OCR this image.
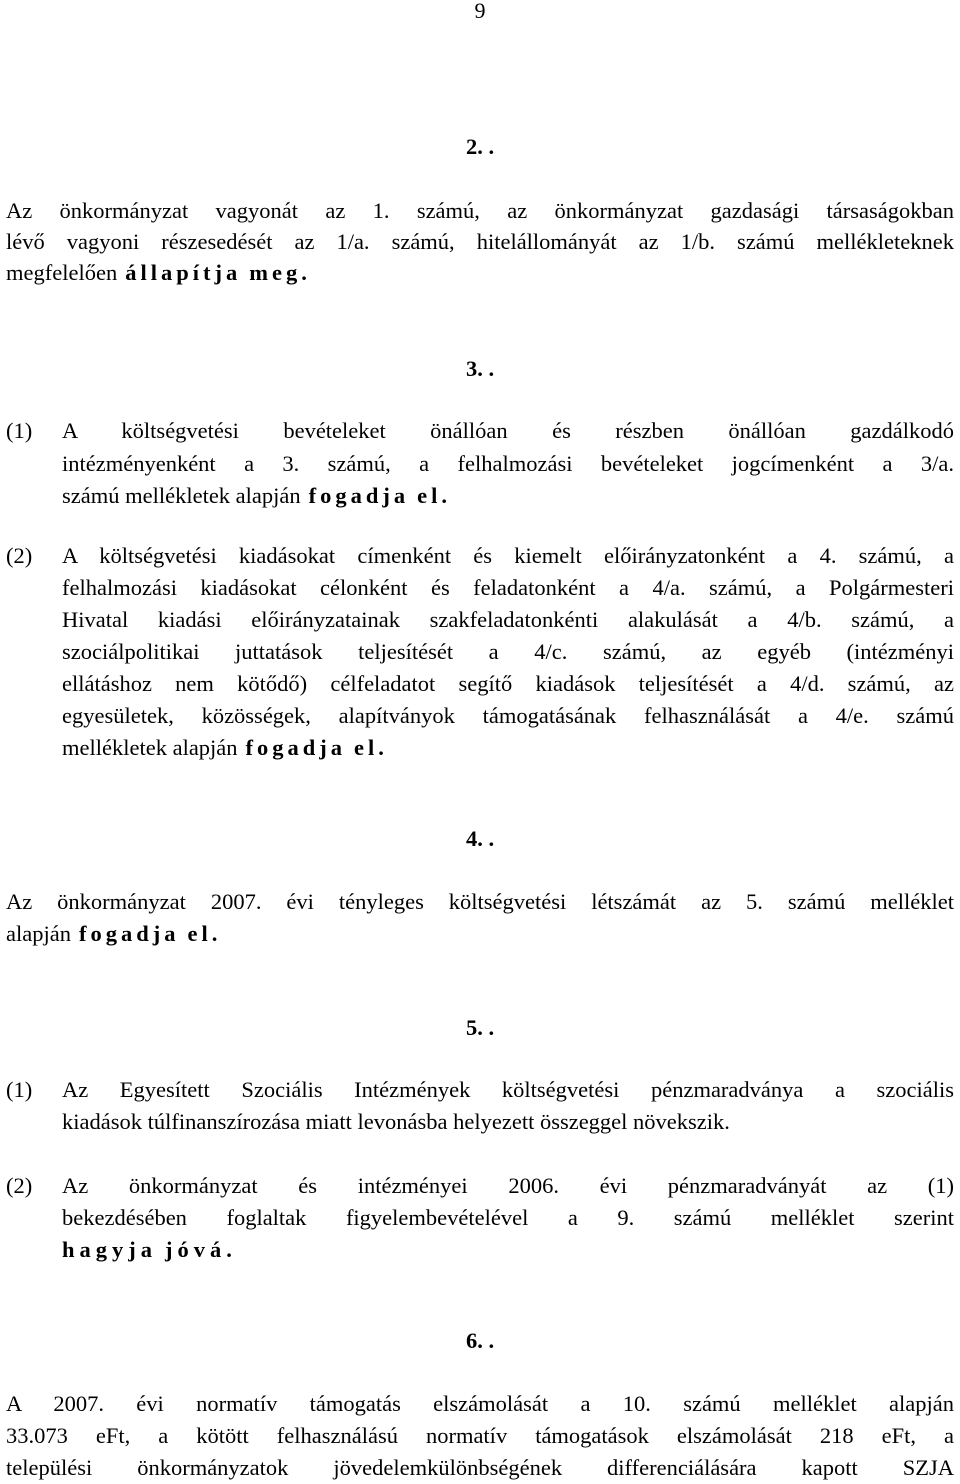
9
2. .
Az önkormányzat vagyonát az 1. számú, az önkormányzat gazdasági társaságokban
lévő vagyoni részesedését az 1/a. számú, hitelállományát az 1/b. számú mellékleteknek
megfelelően állapítja meg.
3. .
(1) A költségvetési bevételeket önállóan és részben önállóan gazdálkodó
intézményenként a 3. számú, a felhalmozási bevételeket jogcímenként a 3/a.
számú mellékletek alapján fogadja el.
(2) A költségvetési kiadásokat címenként és kiemelt előirányzatonként a 4. számú, a
felhalmozási kiadásokat célonként és feladatonként a 4/a. számú, a Polgármesteri
Hivatal kiadási előirányzatainak szakfeladatonkénti alakulását a 4/b. számú, a
szociálpolitikai juttatások teljesítését a 4/c. számú, az egyéb (intézményi
ellátáshoz nem kötődő) célfeladatot segítő kiadások teljesítését a 4/d. számú, az
egyesületek, közösségek, alapítványok támogatásának felhasználását a 4/e. számú
mellékletek alapján fogadja el.
4. .
Az önkormányzat 2007. évi tényleges költségvetési létszámát az 5. számú melléklet
alapján fogadja el.
5. .
(1) Az Egyesített Szociális Intézmények költségvetési pénzmaradványa a szociális
kiadások túlfinanszírozása miatt levonásba helyezett összeggel növekszik.
(2) Az önkormányzat és intézményei 2006. évi pénzmaradványát az (1)
bekezdésében foglaltak figyelembevételével a 9. számú melléklet szerint
hagyja jóvá.
6. .
A 2007. évi normatív támogatás elszámolását a 10. számú melléklet alapján
33.073 eFt, a kötött felhasználású normatív támogatások elszámolását 218 eFt, a
települési önkormányzatok jövedelemkülönbségének differenciálására kapott SZJA
